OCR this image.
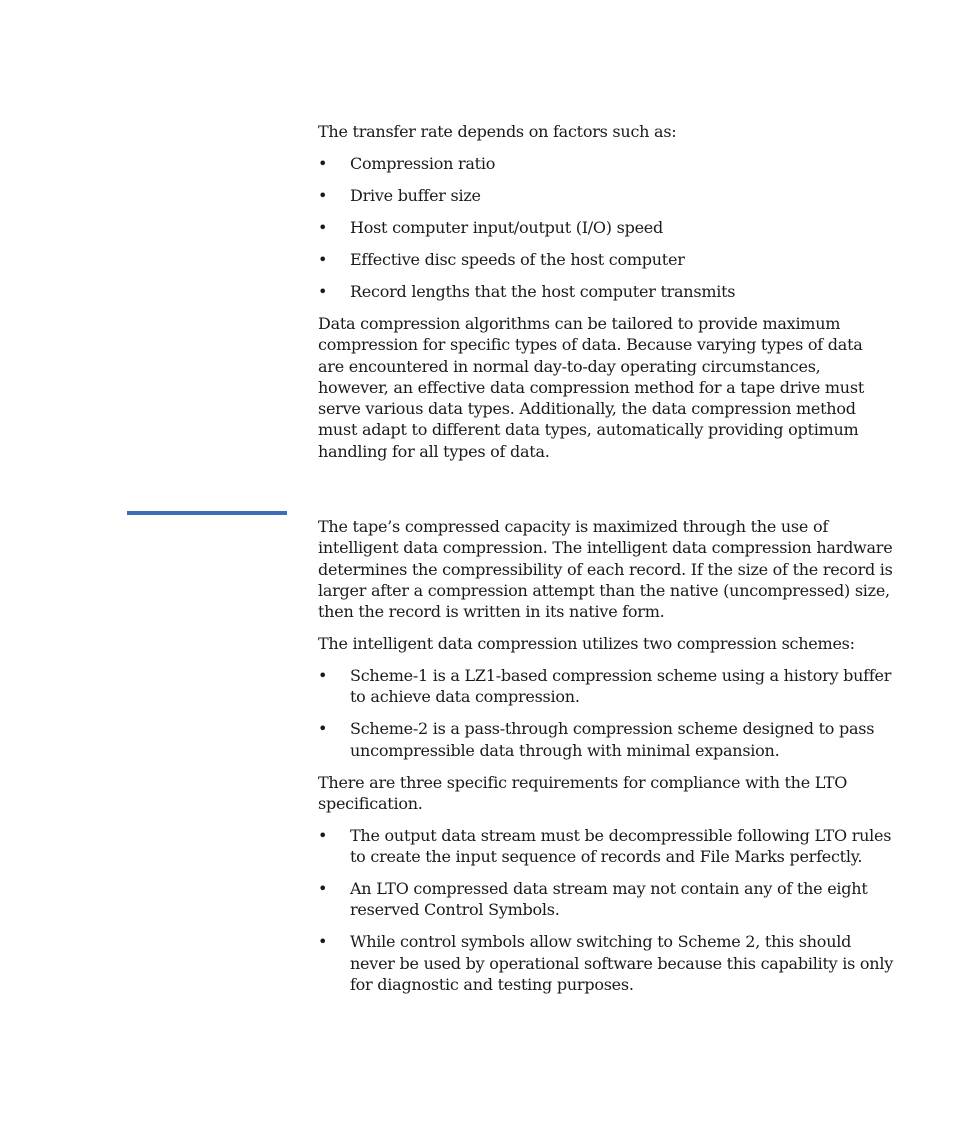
The transfer rate depends on factors such as:

• Compression ratio
• Drive buffer size
• Host computer input/output (I/O) speed
• Effective disc speeds of the host computer
• Record lengths that the host computer transmits

Data compression algorithms can be tailored to provide maximum compression for specific types of data. Because varying types of data are encountered in normal day-to-day operating circumstances, however, an effective data compression method for a tape drive must serve various data types. Additionally, the data compression method must adapt to different data types, automatically providing optimum handling for all types of data.

The tape’s compressed capacity is maximized through the use of intelligent data compression. The intelligent data compression hardware determines the compressibility of each record. If the size of the record is larger after a compression attempt than the native (uncompressed) size, then the record is written in its native form.

The intelligent data compression utilizes two compression schemes:

• Scheme-1 is a LZ1-based compression scheme using a history buffer to achieve data compression.
• Scheme-2 is a pass-through compression scheme designed to pass uncompressible data through with minimal expansion.

There are three specific requirements for compliance with the LTO specification.

• The output data stream must be decompressible following LTO rules to create the input sequence of records and File Marks perfectly.
• An LTO compressed data stream may not contain any of the eight reserved Control Symbols.
• While control symbols allow switching to Scheme 2, this should never be used by operational software because this capability is only for diagnostic and testing purposes.
